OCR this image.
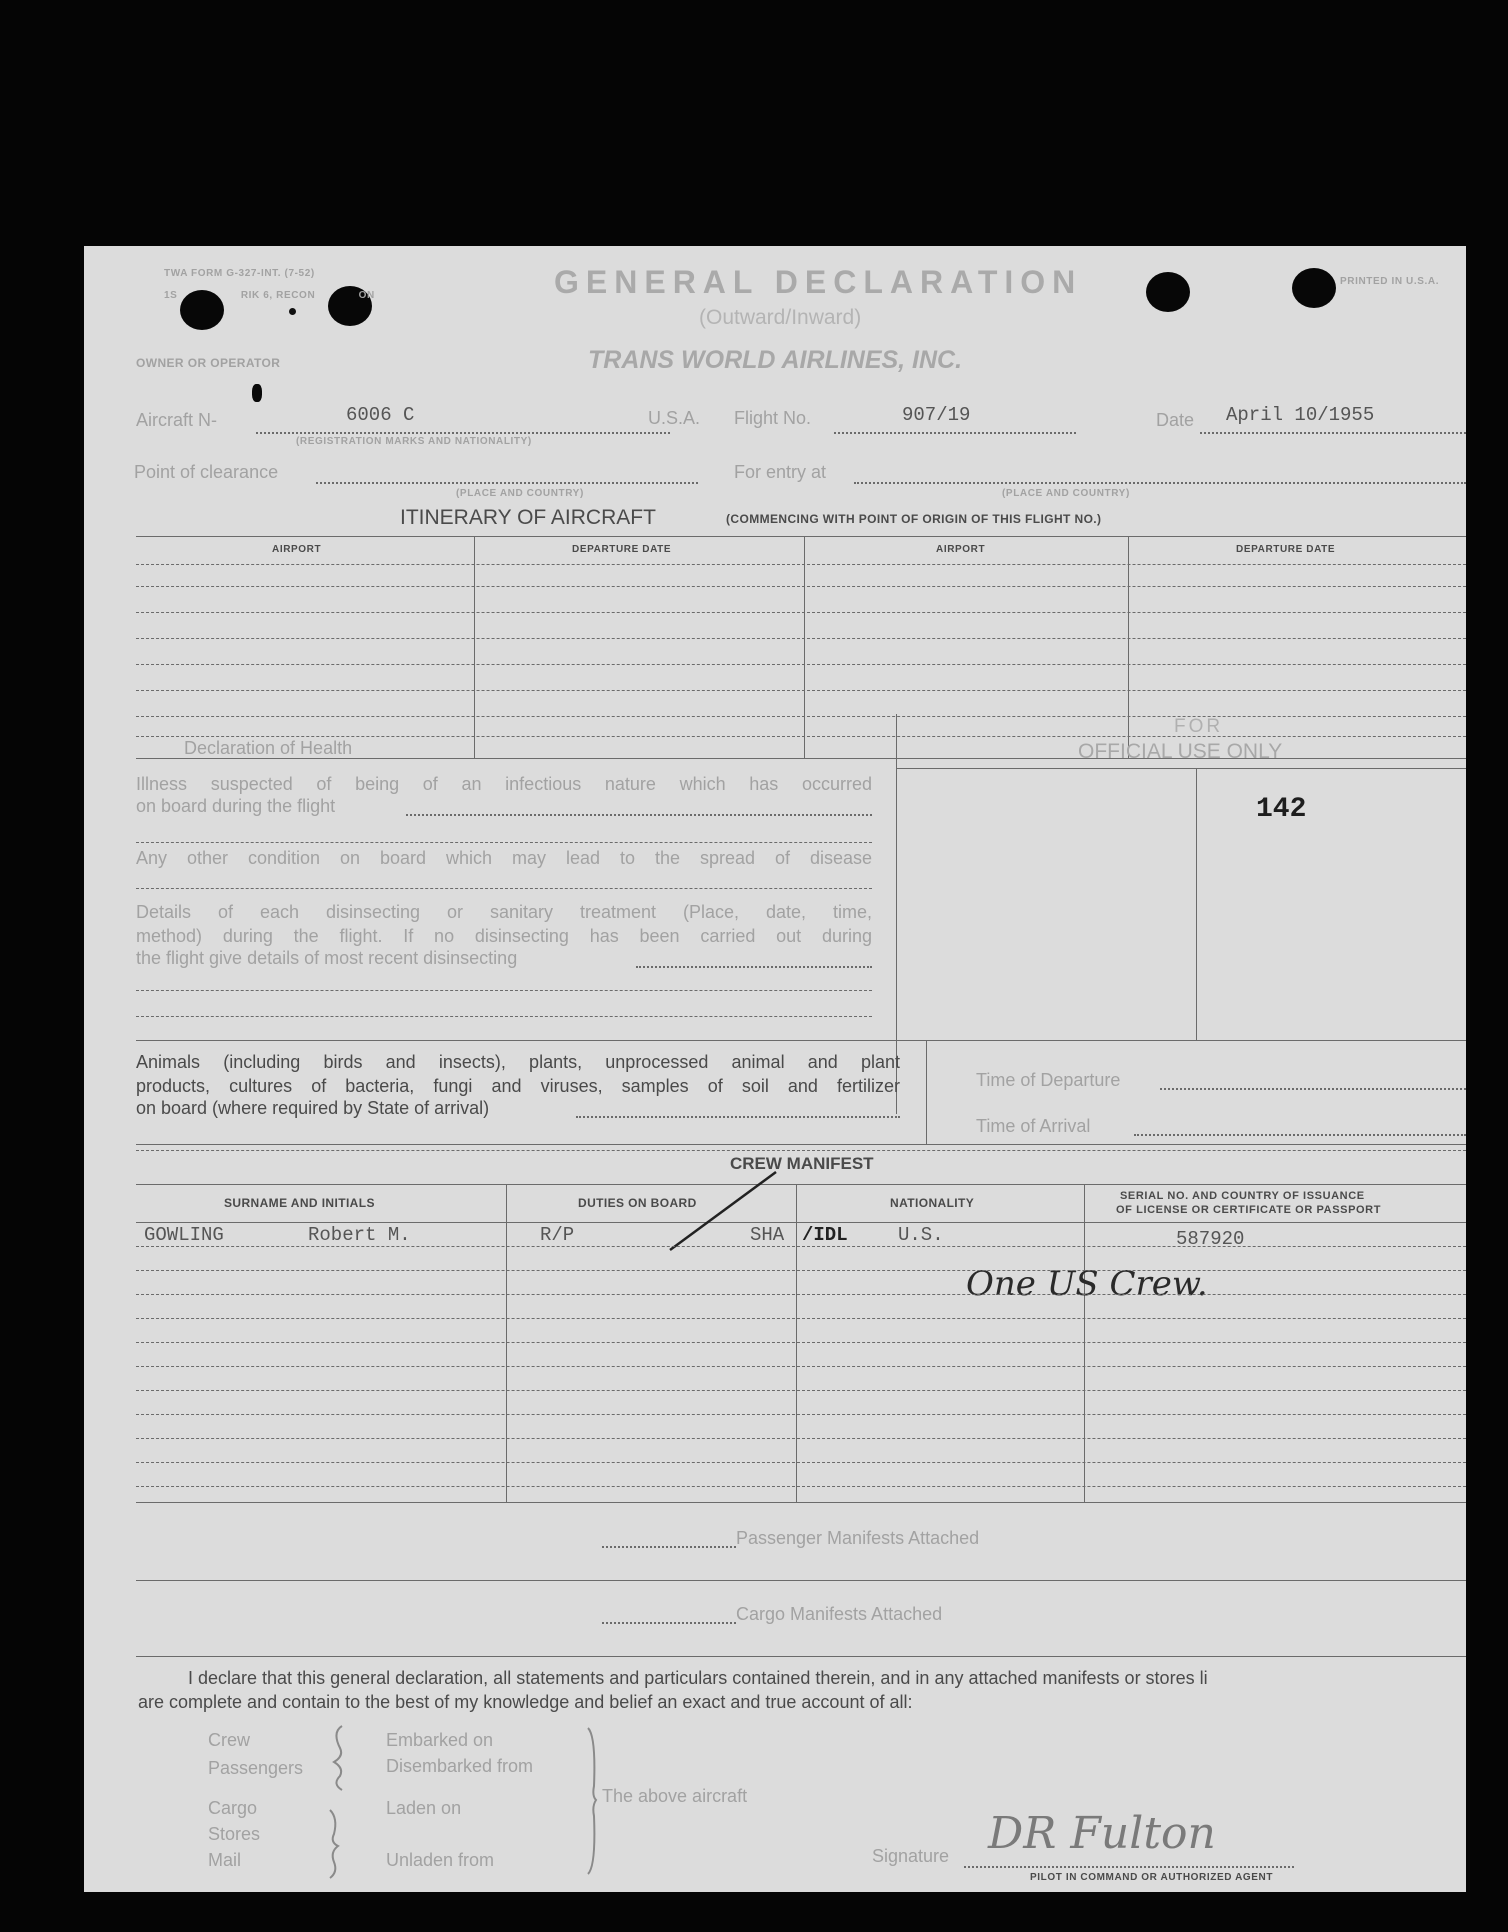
TWA FORM G-327-INT. (7-52)
1S	RIK 6, RECON	ON	GENERAL DECLARATION
(Outward/Inward)
PRINTED IN U.S.A.
OWNER OR OPERATOR	TRANS WORLD AIRLINES, INC.
Aircraft N-	6006 C
(REGISTRATION MARKS AND NATIONALITY)
U.S.A. Flight No.	907/19	Date April 10/1955
Point of clearance	For entry at
(PLACE AND COUNTRY)	(PLACE AND COUNTRY)
ITINERARY OF AIRCRAFT	(COMMENCING WITH POINT OF ORIGIN OF THIS FLIGHT NO.)
AIRPORT	DEPARTURE DATE	AIRPORT	DEPARTURE DATE
Declaration of Health
Illness suspected of being of an infectious nature which has occurred
on board during the flight
Any other condition on board which may lead to the spread of disease
Details of each disinsecting or sanitary treatment (Place, date, time,
method) during the flight. If no disinsecting has been carried out during
the flight give details of most recent disinsecting
FOR
OFFICIAL USE ONLY
142
Animals (including birds and insects), plants, unprocessed animal and plant
products, cultures of bacteria, fungi and viruses, samples of soil and fertilizer
on board (where required by State of arrival)
Time of Departure
Time of Arrival
CREW MANIFEST
SURNAME AND INITIALS	DUTIES ON BOARD	NATIONALITY	SERIAL NO. AND COUNTRY OF ISSUANCE
OF LICENSE OR CERTIFICATE OR PASSPORT
GOWLING	Robert M.	R/P	SHA /IDL	U.S.	587920
One US Crew.
Passenger Manifests Attached
Cargo Manifests Attached
I declare that this general declaration, all statements and particulars contained therein, and in any attached manifests or stores li
are complete and contain to the best of my knowledge and belief an exact and true account of all:
Crew
Passengers
Cargo
Stores
Mail
Embarked on
Disembarked from
Laden on
Unladen from
The above aircraft
Signature DR Fulton
PILOT IN COMMAND OR AUTHORIZED AGENT
